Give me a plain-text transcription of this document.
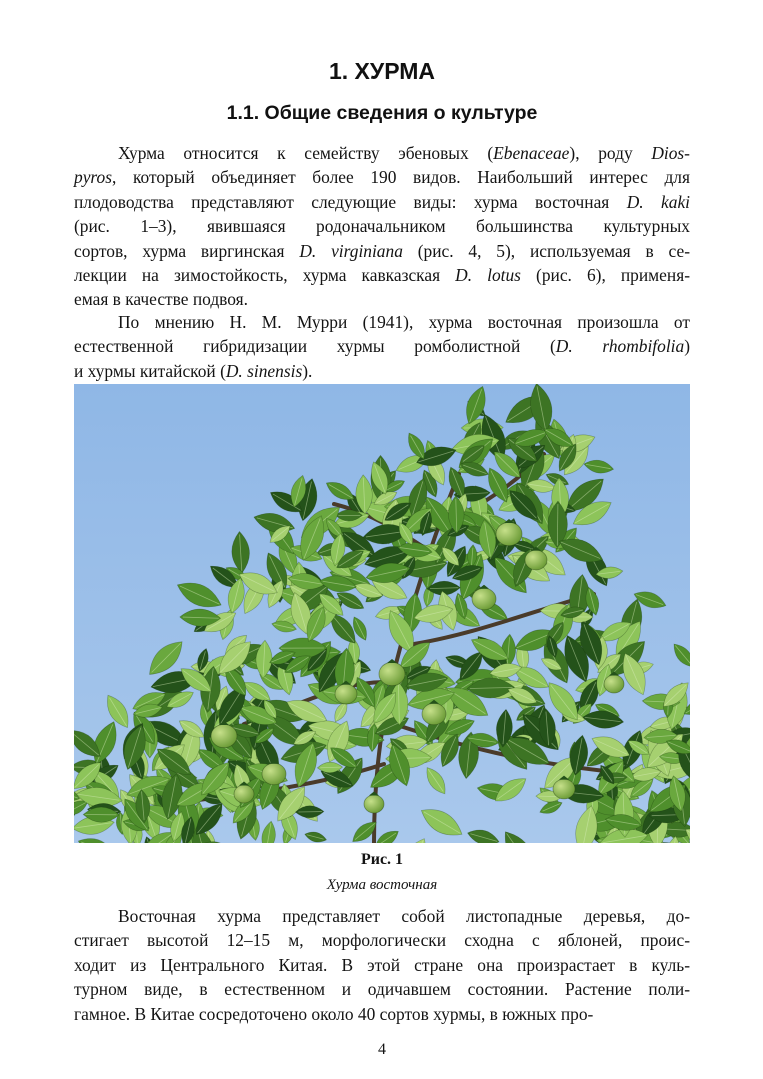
1. ХУРМА
1.1. Общие сведения о культуре
Хурма относится к семейству эбеновых (Ebenaceae), роду Dios-
pyros, который объединяет более 190 видов. Наибольший интерес для
плодоводства представляют следующие виды: хурма восточная D. kaki
(рис. 1–3), явившаяся родоначальником большинства культурных
сортов, хурма виргинская D. virginiana (рис. 4, 5), используемая в се-
лекции на зимостойкость, хурма кавказская D. lotus (рис. 6), применя-
емая в качестве подвоя.
По мнению Н. М. Мурри (1941), хурма восточная произошла от
естественной гибридизации хурмы ромболистной (D. rhombifolia)
и хурмы китайской (D. sinensis).
Рис. 1
Хурма восточная
Восточная хурма представляет собой листопадные деревья, до-
стигает высотой 12–15 м, морфологически сходна с яблоней, проис-
ходит из Центрального Китая. В этой стране она произрастает в куль-
турном виде, в естественном и одичавшем состоянии. Растение поли-
гамное. В Китае сосредоточено около 40 сортов хурмы, в южных про-
4
